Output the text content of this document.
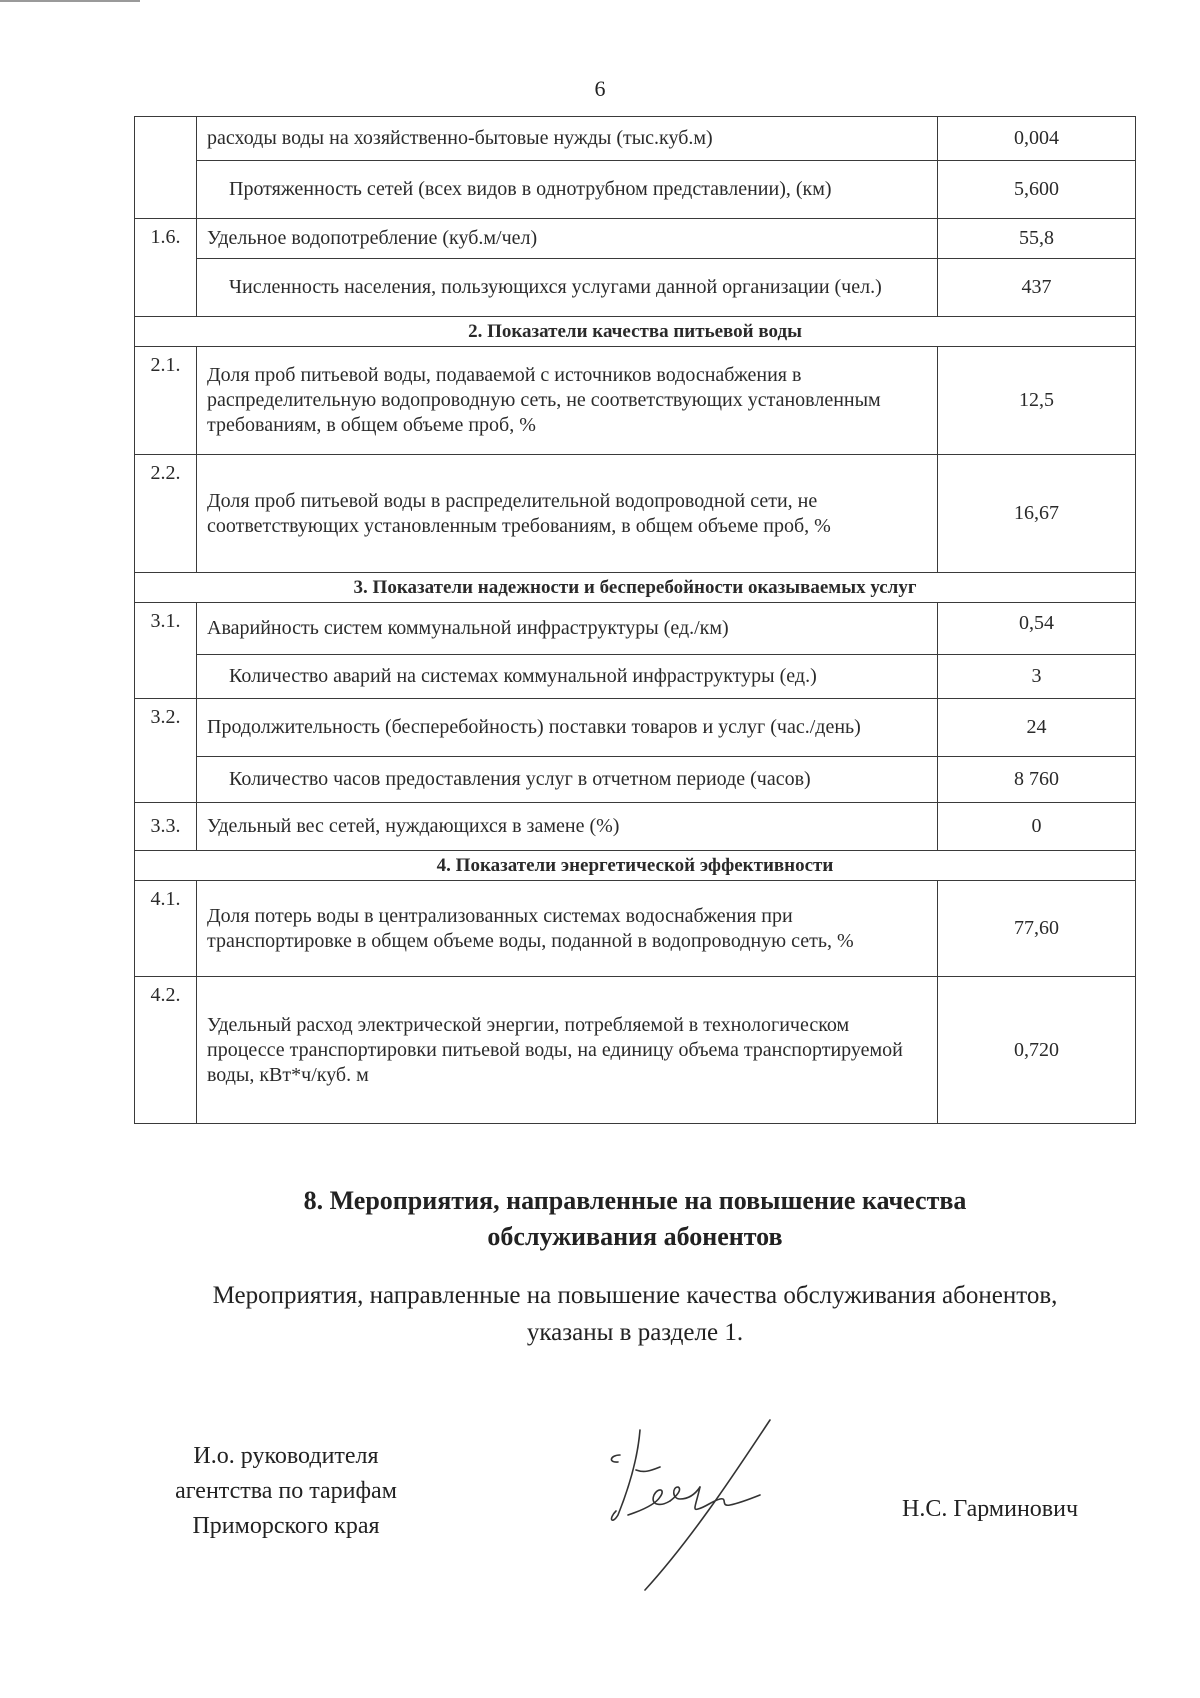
6
	расходы воды на хозяйственно-бытовые нужды (тыс.куб.м)	0,004
	Протяженность сетей (всех видов в однотрубном представлении), (км)	5,600
1.6.	Удельное водопотребление (куб.м/чел)	55,8
	Численность населения, пользующихся услугами данной организации (чел.)	437
2. Показатели качества питьевой воды		
2.1.	Доля проб питьевой воды, подаваемой с источников водоснабжения в распределительную водопроводную сеть, не соответствующих установленным требованиям, в общем объеме проб, %	12,5
2.2.	Доля проб питьевой воды в распределительной водопроводной сети, не соответствующих установленным требованиям, в общем объеме проб, %	16,67
3. Показатели надежности и бесперебойности оказываемых услуг		
3.1.	Аварийность систем коммунальной инфраструктуры (ед./км)	0,54
	Количество аварий на системах коммунальной инфраструктуры (ед.)	3
3.2.	Продолжительность (бесперебойность) поставки товаров и услуг (час./день)	24
	Количество часов предоставления услуг в отчетном периоде (часов)	8 760
3.3.	Удельный вес сетей, нуждающихся в замене (%)	0
4. Показатели энергетической эффективности		
4.1.	Доля потерь воды в централизованных системах водоснабжения при транспортировке в общем объеме воды, поданной в водопроводную сеть, %	77,60
4.2.	Удельный расход электрической энергии, потребляемой в технологическом процессе транспортировки питьевой воды, на единицу объема транспортируемой воды, кВт*ч/куб. м	0,720
8. Мероприятия, направленные на повышение качества
обслуживания абонентов
Мероприятия, направленные на повышение качества обслуживания абонентов,
указаны в разделе 1.
И.о. руководителя
агентства по тарифам
Приморского края
Н.С. Гарминович
